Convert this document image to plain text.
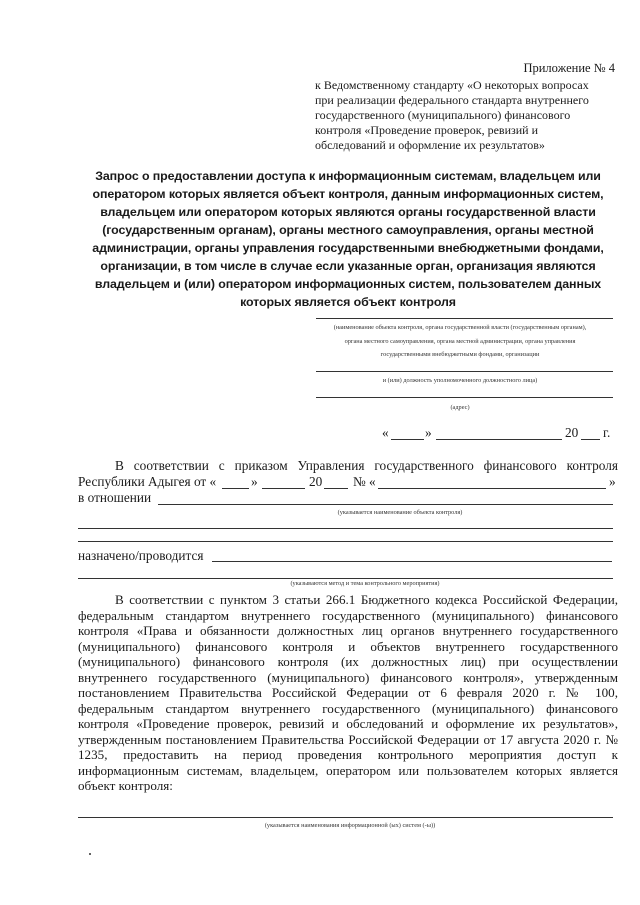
Приложение № 4
к Ведомственному стандарту «О некоторых вопросах
при реализации федерального стандарта внутреннего
государственного (муниципального) финансового
контроля «Проведение проверок, ревизий и
обследований и оформление их результатов»
Запрос о предоставлении доступа к информационным системам, владельцем или
оператором которых является объект контроля, данным информационных систем,
владельцем или оператором которых являются органы государственной власти
(государственным органам), органы местного самоуправления, органы местной
администрации, органы управления государственными внебюджетными фондами,
организации, в том числе в случае если указанные орган, организация являются
владельцем и (или) оператором информационных систем, пользователем данных
которых является объект контроля
(наименование объекта контроля, органа государственной власти (государственным органам),
органа местного самоуправления, органа местной администрации, органа управления
государственными внебюджетными фондами, организации
и (или) должность уполномоченного должностного лица)
(адрес)
«	»	20 г.
В соответствии с приказом Управления государственного финансового контроля
Республики Адыгея от «	»	20 № «	»
в отношении
(указывается наименование объекта контроля)
назначено/проводится
(указываются метод и тема контрольного мероприятия)
В соответствии с пунктом 3 статьи 266.1 Бюджетного кодекса Российской Федерации, федеральным стандартом внутреннего государственного (муниципального) финансового контроля «Права и обязанности должностных лиц органов внутреннего государственного (муниципального) финансового контроля и объектов внутреннего государственного (муниципального) финансового контроля (их должностных лиц) при осуществлении внутреннего государственного (муниципального) финансового контроля», утвержденным постановлением Правительства Российской Федерации от 6 февраля 2020 г. № 100, федеральным стандартом внутреннего государственного (муниципального) финансового контроля «Проведение проверок, ревизий и обследований и оформление их результатов», утвержденным постановлением Правительства Российской Федерации от 17 августа 2020 г. № 1235, предоставить на период проведения контрольного мероприятия доступ к информационным системам, владельцем, оператором или пользователем которых является объект контроля:
(указывается наименования информационной (ых) систем (-ы))
